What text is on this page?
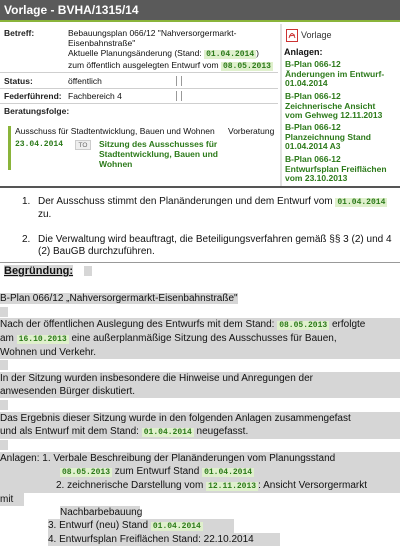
Vorlage - BVHA/1315/14
Betreff:	Bebauungsplan 066/12 "Nahversorgermarkt-
Eisenbahnstraße"
Aktuelle Planungsänderung (Stand: 01.04.2014 )
zum öffentlich ausgelegten Entwurf vom 08.05.2013
Status:	öffentlich
Federführend: Fachbereich 4
Beratungsfolge:
Ausschuss für Stadtentwicklung, Bauen und Wohnen
23.04.2014	TO	Sitzung des Ausschusses für Stadtentwicklung, Bauen und Wohnen
Vorberatung
Vorlage
Anlagen:
B-Plan 066-12
Änderungen im Entwurf-
01.04.2014
B-Plan 066-12
Zeichnerische Ansicht
vom Gehweg 12.11.2013
B-Plan 066-12
Planzeichnung Stand
01.04.2014 A3
B-Plan 066-12
Entwurfsplan Freiflächen
vom 23.10.2013
1. Der Ausschuss stimmt den Planänderungen und dem Entwurf vom 01.04.2014
zu.
2. Die Verwaltung wird beauftragt, die Beteiligungsverfahren gemäß §§ 3 (2) und 4
(2) BauGB durchzuführen.
Begründung:
B-Plan 066/12 „Nahversorgermarkt-Eisenbahnstraße"
Nach der öffentlichen Auslegung des Entwurfs mit dem Stand: 08.05.2013 erfolgte
am 16.10.2013 eine außerplanmäßige Sitzung des Ausschusses für Bauen,
Wohnen und Verkehr.
In der Sitzung wurden insbesondere die Hinweise und Anregungen der
anwesenden Bürger diskutiert.
Das Ergebnis dieser Sitzung wurde in den folgenden Anlagen zusammengefast
und als Entwurf mit dem Stand: 01.04.2014 neugefasst.
Anlagen: 1. Verbale Beschreibung der Planänderungen vom Planungsstand
08.05.2013 zum Entwurf Stand 01.04.2014
2. zeichnerische Darstellung vom 12.11.2013 : Ansicht Versorgermarkt
mit
Nachbarbebauung
3. Entwurf (neu) Stand 01.04.2014
4. Entwurfsplan Freiflächen Stand: 22.10.2014
